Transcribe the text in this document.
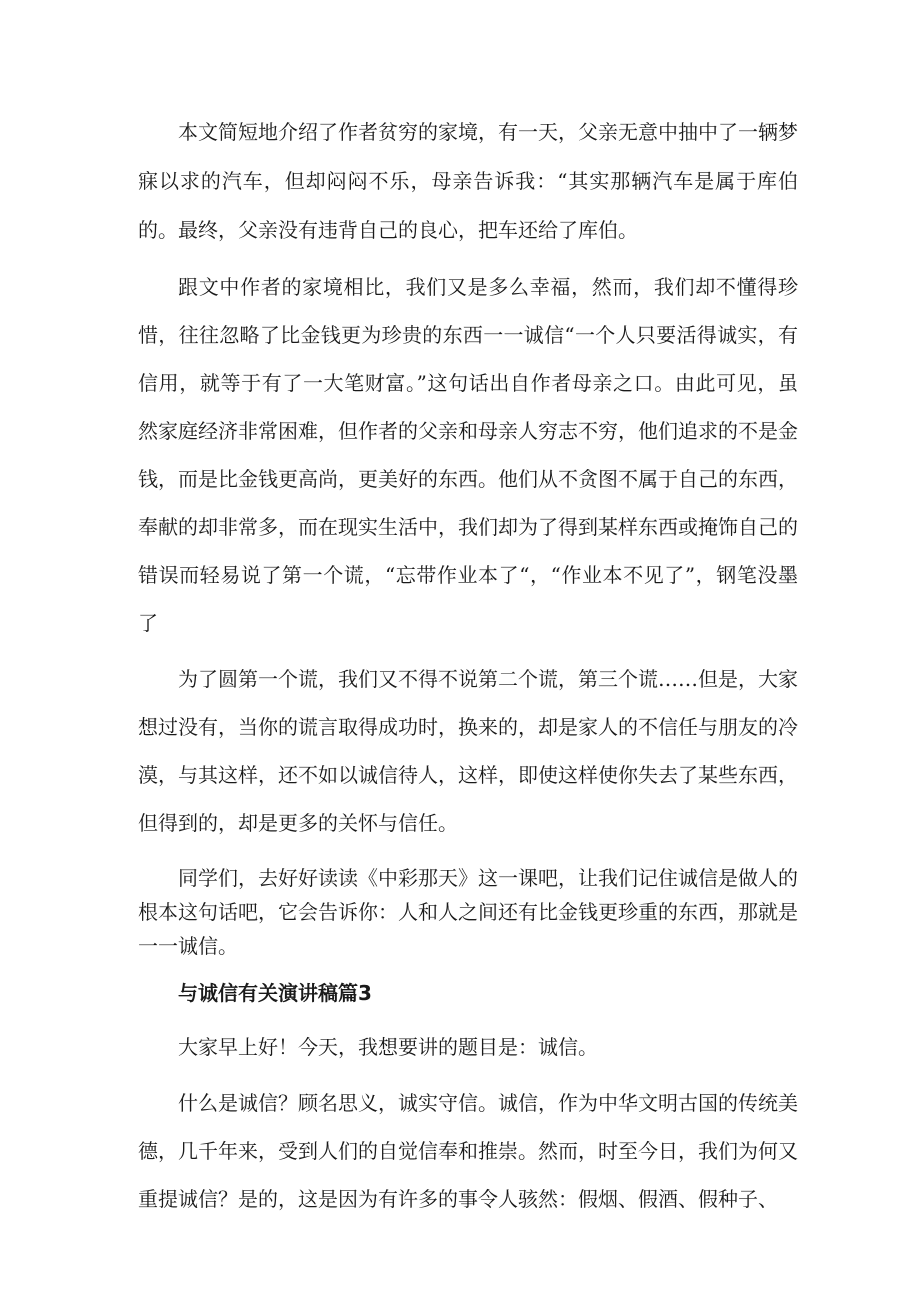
本文简短地介绍了作者贫穷的家境，有一天，父亲无意中抽中了一辆梦寐以求的汽车，但却闷闷不乐，母亲告诉我：“其实那辆汽车是属于库伯的。最终，父亲没有违背自己的良心，把车还给了库伯。

跟文中作者的家境相比，我们又是多么幸福，然而，我们却不懂得珍惜，往往忽略了比金钱更为珍贵的东西一一诚信“一个人只要活得诚实，有信用，就等于有了一大笔财富。”这句话出自作者母亲之口。由此可见，虽然家庭经济非常困难，但作者的父亲和母亲人穷志不穷，他们追求的不是金钱，而是比金钱更高尚，更美好的东西。他们从不贪图不属于自己的东西，奉献的却非常多，而在现实生活中，我们却为了得到某样东西或掩饰自己的错误而轻易说了第一个谎，“忘带作业本了“，“作业本不见了”，钢笔没墨了

为了圆第一个谎，我们又不得不说第二个谎，第三个谎……但是，大家想过没有，当你的谎言取得成功时，换来的，却是家人的不信任与朋友的冷漠，与其这样，还不如以诚信待人，这样，即使这样使你失去了某些东西，但得到的，却是更多的关怀与信任。

同学们，去好好读读《中彩那天》这一课吧，让我们记住诚信是做人的根本这句话吧，它会告诉你：人和人之间还有比金钱更珍重的东西，那就是一一诚信。

与诚信有关演讲稿篇3

大家早上好！今天，我想要讲的题目是：诚信。

什么是诚信？顾名思义，诚实守信。诚信，作为中华文明古国的传统美德，几千年来，受到人们的自觉信奉和推崇。然而，时至今日，我们为何又重提诚信？是的，这是因为有许多的事令人骇然：假烟、假酒、假种子、
